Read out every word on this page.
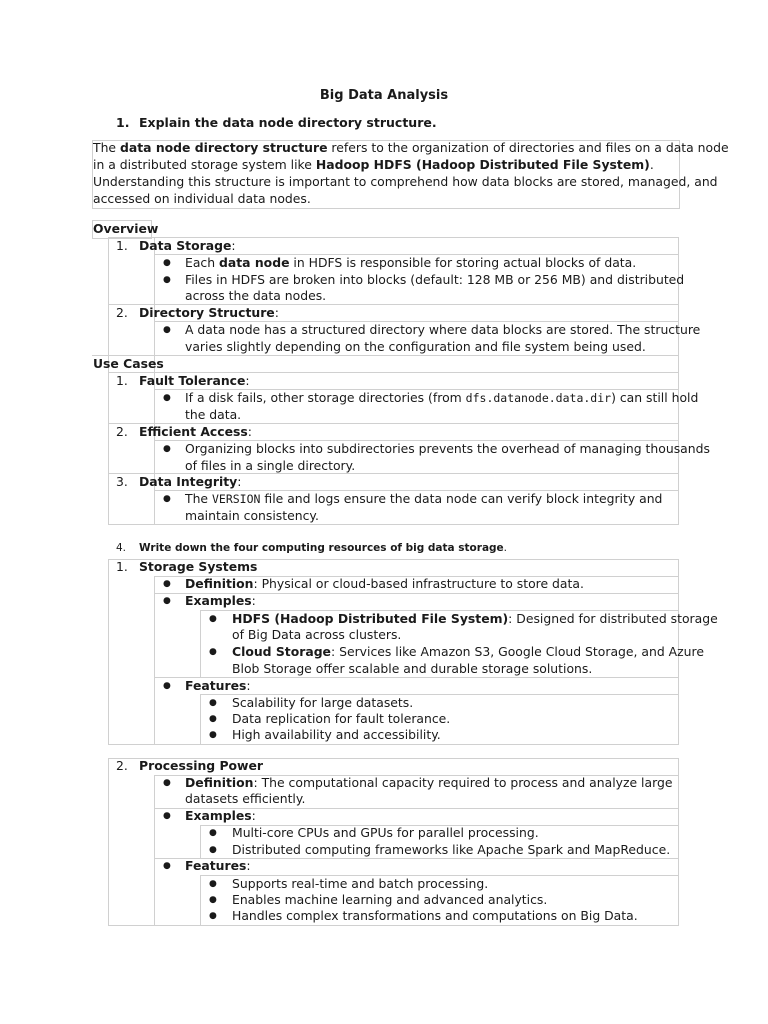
Big Data Analysis
1. Explain the data node directory structure.
The data node directory structure refers to the organization of directories and files on a data node
in a distributed storage system like Hadoop HDFS (Hadoop Distributed File System).
Understanding this structure is important to comprehend how data blocks are stored, managed, and
accessed on individual data nodes.
Overview
1. Data Storage:
● Each data node in HDFS is responsible for storing actual blocks of data.
● Files in HDFS are broken into blocks (default: 128 MB or 256 MB) and distributed
across the data nodes.
2. Directory Structure:
● A data node has a structured directory where data blocks are stored. The structure
varies slightly depending on the configuration and file system being used.
Use Cases
1. Fault Tolerance:
● If a disk fails, other storage directories (from dfs.datanode.data.dir) can still hold
the data.
2. Efficient Access:
● Organizing blocks into subdirectories prevents the overhead of managing thousands
of files in a single directory.
3. Data Integrity:
● The VERSION file and logs ensure the data node can verify block integrity and
maintain consistency.
4. Write down the four computing resources of big data storage.
1. Storage Systems
● Definition: Physical or cloud-based infrastructure to store data.
● Examples:
● HDFS (Hadoop Distributed File System): Designed for distributed storage
of Big Data across clusters.
● Cloud Storage: Services like Amazon S3, Google Cloud Storage, and Azure
Blob Storage offer scalable and durable storage solutions.
● Features:
● Scalability for large datasets.
● Data replication for fault tolerance.
● High availability and accessibility.
2. Processing Power
● Definition: The computational capacity required to process and analyze large
datasets efficiently.
● Examples:
● Multi-core CPUs and GPUs for parallel processing.
● Distributed computing frameworks like Apache Spark and MapReduce.
● Features:
● Supports real-time and batch processing.
● Enables machine learning and advanced analytics.
● Handles complex transformations and computations on Big Data.
